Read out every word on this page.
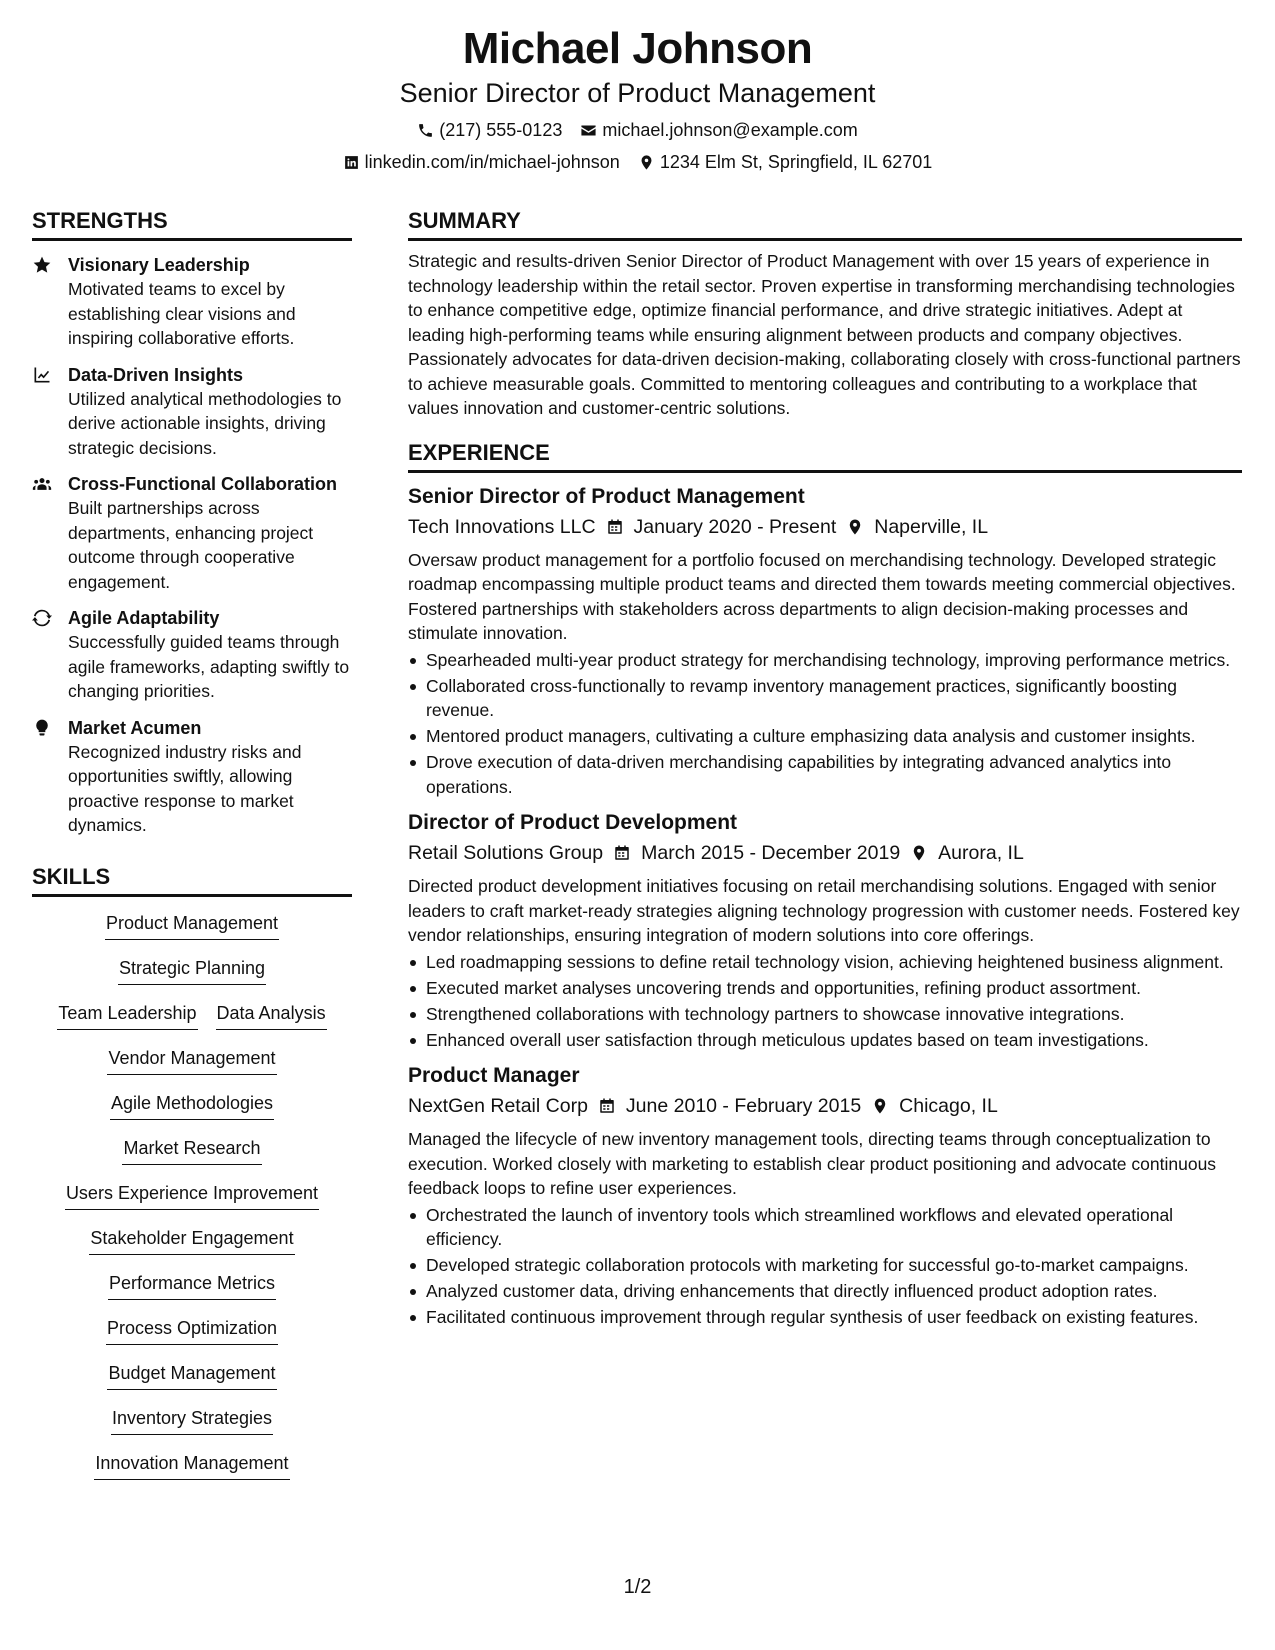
Michael Johnson
Senior Director of Product Management
(217) 555-0123 michael.johnson@example.com
linkedin.com/in/michael-johnson 1234 Elm St, Springfield, IL 62701
STRENGTHS
Visionary Leadership
Motivated teams to excel by establishing clear visions and inspiring collaborative efforts.
Data-Driven Insights
Utilized analytical methodologies to derive actionable insights, driving strategic decisions.
Cross-Functional Collaboration
Built partnerships across departments, enhancing project outcome through cooperative engagement.
Agile Adaptability
Successfully guided teams through agile frameworks, adapting swiftly to changing priorities.
Market Acumen
Recognized industry risks and opportunities swiftly, allowing proactive response to market dynamics.
SKILLS
Product Management
Strategic Planning
Team Leadership Data Analysis
Vendor Management
Agile Methodologies
Market Research
Users Experience Improvement
Stakeholder Engagement
Performance Metrics
Process Optimization
Budget Management
Inventory Strategies
Innovation Management
SUMMARY

Strategic and results-driven Senior Director of Product Management with over 15 years of experience in technology leadership within the retail sector. Proven expertise in transforming merchandising technologies to enhance competitive edge, optimize financial performance, and drive strategic initiatives. Adept at leading high-performing teams while ensuring alignment between products and company objectives. Passionately advocates for data-driven decision-making, collaborating closely with cross-functional partners to achieve measurable goals. Committed to mentoring colleagues and contributing to a workplace that values innovation and customer-centric solutions.

EXPERIENCE
Senior Director of Product Management
Tech Innovations LLC January 2020 - Present Naperville, IL
Oversaw product management for a portfolio focused on merchandising technology. Developed strategic roadmap encompassing multiple product teams and directed them towards meeting commercial objectives. Fostered partnerships with stakeholders across departments to align decision-making processes and stimulate innovation.
Spearheaded multi-year product strategy for merchandising technology, improving performance metrics.
Collaborated cross-functionally to revamp inventory management practices, significantly boosting revenue.
Mentored product managers, cultivating a culture emphasizing data analysis and customer insights.
Drove execution of data-driven merchandising capabilities by integrating advanced analytics into operations.
Director of Product Development
Retail Solutions Group March 2015 - December 2019 Aurora, IL
Directed product development initiatives focusing on retail merchandising solutions. Engaged with senior leaders to craft market-ready strategies aligning technology progression with customer needs. Fostered key vendor relationships, ensuring integration of modern solutions into core offerings.
Led roadmapping sessions to define retail technology vision, achieving heightened business alignment.
Executed market analyses uncovering trends and opportunities, refining product assortment.
Strengthened collaborations with technology partners to showcase innovative integrations.
Enhanced overall user satisfaction through meticulous updates based on team investigations.
Product Manager
NextGen Retail Corp June 2010 - February 2015 Chicago, IL
Managed the lifecycle of new inventory management tools, directing teams through conceptualization to execution. Worked closely with marketing to establish clear product positioning and advocate continuous feedback loops to refine user experiences.
Orchestrated the launch of inventory tools which streamlined workflows and elevated operational efficiency.
Developed strategic collaboration protocols with marketing for successful go-to-market campaigns.
Analyzed customer data, driving enhancements that directly influenced product adoption rates.
Facilitated continuous improvement through regular synthesis of user feedback on existing features.
1/2
